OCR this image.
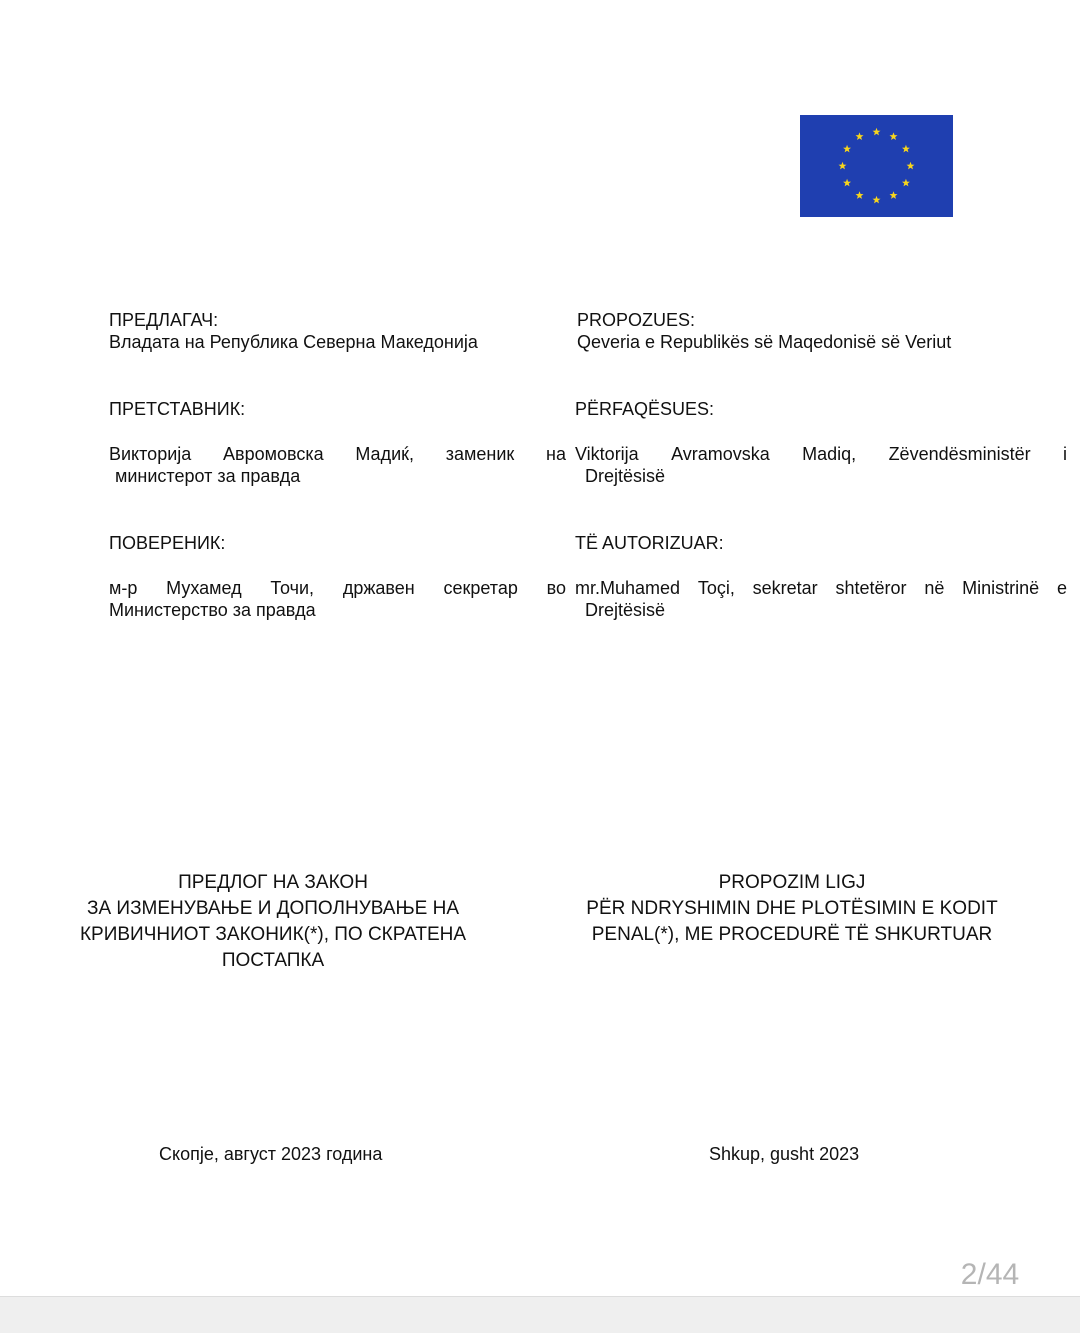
ПРЕДЛАГАЧ:
Владата на Република Северна Македонија
ПРЕТСТАВНИК:
Викторија Авромовска Мадиќ, заменик на
министерот за правда
ПОВЕРЕНИК:
м-р Мухамед Точи, државен секретар во
Министерство за правда
ПРЕДЛОГ НА ЗАКОН
ЗА ИЗМЕНУВАЊЕ И ДОПОЛНУВАЊЕ НА
КРИВИЧНИОТ ЗАКОНИК(*), ПО СКРАТЕНА
ПОСТАПКА
Скопје, август 2023 година
PROPOZUES:
Qeveria e Republikës së Maqedonisë së Veriut
PËRFAQËSUES:
Viktorija Avramovska Madiq, Zëvendësministër i
Drejtësisë
TË AUTORIZUAR:
mr.Muhamed Toçi, sekretar shtetëror në Ministrinë e
Drejtësisë
PROPOZIM LIGJ
PËR NDRYSHIMIN DHE PLOTËSIMIN E KODIT
PENAL(*), ME PROCEDURË TË SHKURTUAR
Shkup, gusht 2023
2/44
